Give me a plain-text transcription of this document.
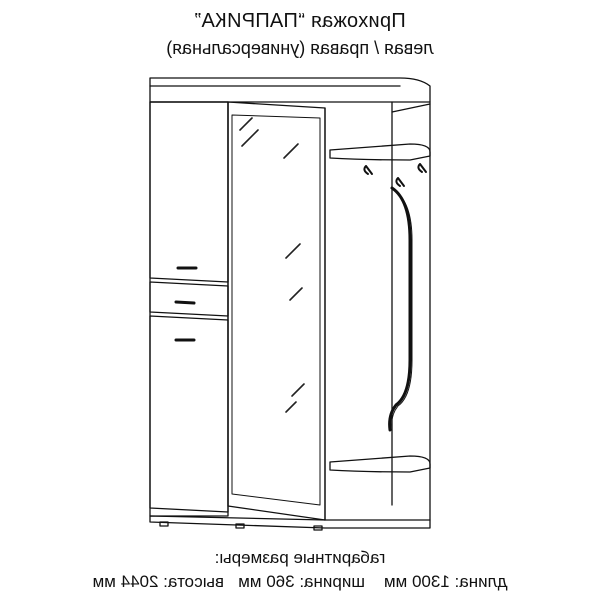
Прихожая “ПАПРИКА”
левая / правая (универсальная)
габаритные размеры:
длина: 1300 мм    ширина: 360 мм   высота: 2044 мм
